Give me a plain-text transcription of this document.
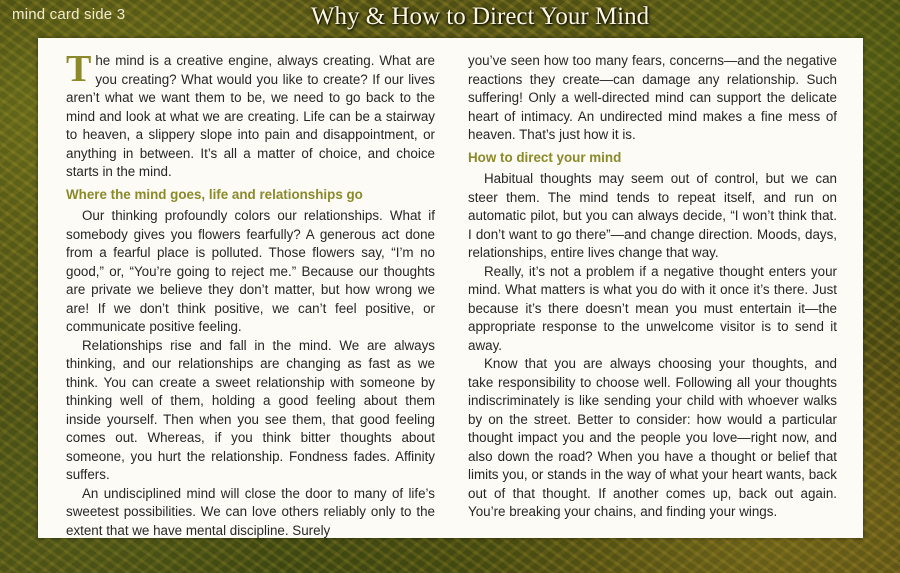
mind card side 3	Why & How to Direct Your Mind

The mind is a creative engine, always creating. What are you creating? What would you like to create? If our lives aren’t what we want them to be, we need to go back to the mind and look at what we are creating. Life can be a stairway to heaven, a slippery slope into pain and disappointment, or anything in between. It’s all a matter of choice, and choice starts in the mind.

Where the mind goes, life and relationships go

Our thinking profoundly colors our relationships. What if somebody gives you flowers fearfully? A generous act done from a fearful place is polluted. Those flowers say, “I’m no good,” or, “You’re going to reject me.” Because our thoughts are private we believe they don’t matter, but how wrong we are! If we don’t think positive, we can’t feel positive, or communicate positive feeling.

Relationships rise and fall in the mind. We are always thinking, and our relationships are changing as fast as we think. You can create a sweet relationship with someone by thinking well of them, holding a good feeling about them inside yourself. Then when you see them, that good feeling comes out. Whereas, if you think bitter thoughts about someone, you hurt the relationship. Fondness fades. Affinity suffers.

An undisciplined mind will close the door to many of life’s sweetest possibilities. We can love others reliably only to the extent that we have mental discipline. Surely

you’ve seen how too many fears, concerns—and the negative reactions they create—can damage any relationship. Such suffering! Only a well-directed mind can support the delicate heart of intimacy. An undirected mind makes a fine mess of heaven. That’s just how it is.

How to direct your mind

Habitual thoughts may seem out of control, but we can steer them. The mind tends to repeat itself, and run on automatic pilot, but you can always decide, “I won’t think that. I don’t want to go there”—and change direction. Moods, days, relationships, entire lives change that way.

Really, it’s not a problem if a negative thought enters your mind. What matters is what you do with it once it’s there. Just because it’s there doesn’t mean you must entertain it—the appropriate response to the unwelcome visitor is to send it away.

Know that you are always choosing your thoughts, and take responsibility to choose well. Following all your thoughts indiscriminately is like sending your child with whoever walks by on the street. Better to consider: how would a particular thought impact you and the people you love—right now, and also down the road? When you have a thought or belief that limits you, or stands in the way of what your heart wants, back out of that thought. If another comes up, back out again. You’re breaking your chains, and finding your wings.
